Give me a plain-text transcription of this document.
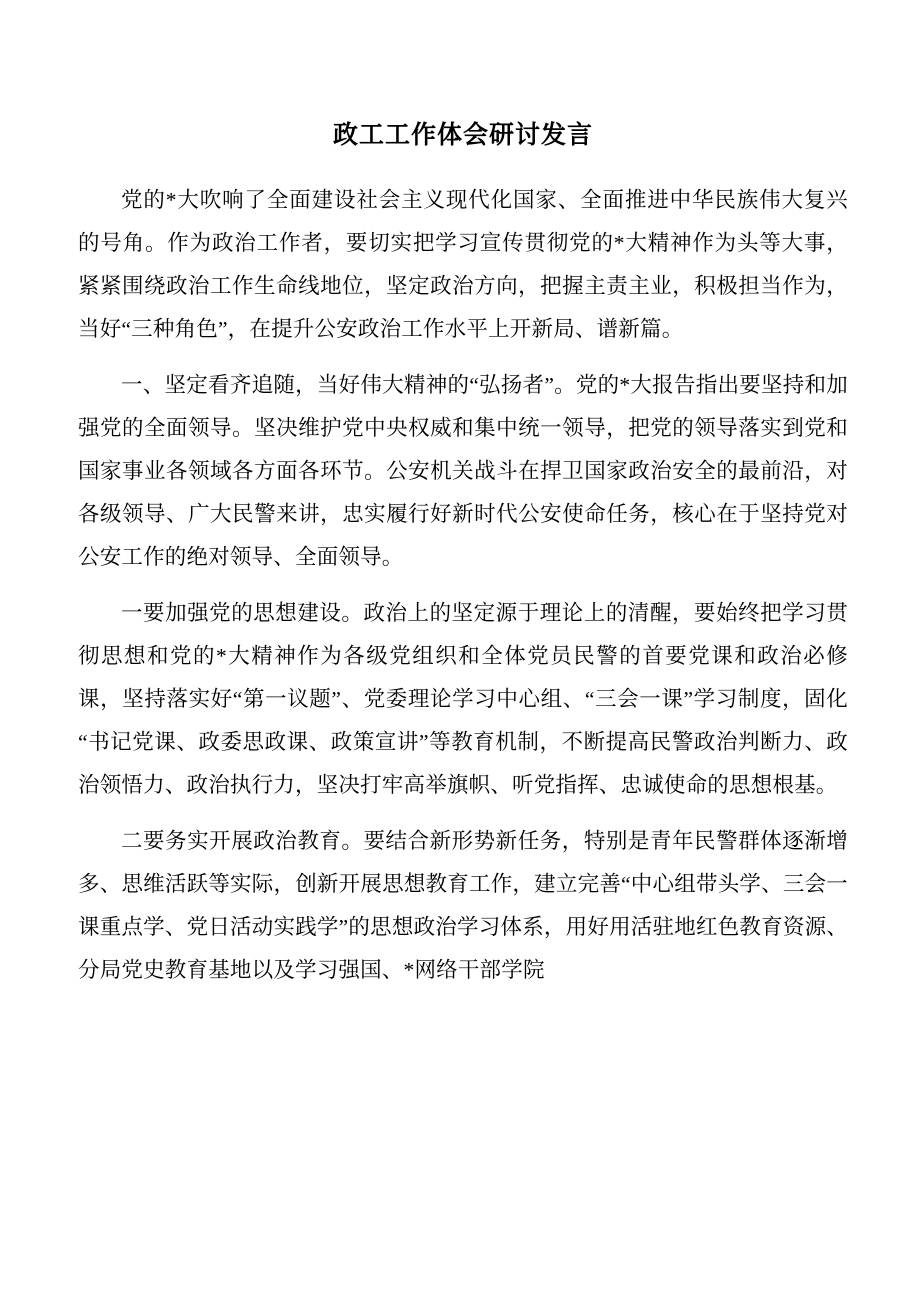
政工工作体会研讨发言

党的*大吹响了全面建设社会主义现代化国家、全面推进中华民族伟大复兴的号角。作为政治工作者，要切实把学习宣传贯彻党的*大精神作为头等大事，紧紧围绕政治工作生命线地位，坚定政治方向，把握主责主业，积极担当作为，当好“三种角色”，在提升公安政治工作水平上开新局、谱新篇。

一、坚定看齐追随，当好伟大精神的“弘扬者”。党的*大报告指出要坚持和加强党的全面领导。坚决维护党中央权威和集中统一领导，把党的领导落实到党和国家事业各领域各方面各环节。公安机关战斗在捍卫国家政治安全的最前沿，对各级领导、广大民警来讲，忠实履行好新时代公安使命任务，核心在于坚持党对公安工作的绝对领导、全面领导。

一要加强党的思想建设。政治上的坚定源于理论上的清醒，要始终把学习贯彻思想和党的*大精神作为各级党组织和全体党员民警的首要党课和政治必修课，坚持落实好“第一议题”、党委理论学习中心组、“三会一课”学习制度，固化“书记党课、政委思政课、政策宣讲”等教育机制，不断提高民警政治判断力、政治领悟力、政治执行力，坚决打牢高举旗帜、听党指挥、忠诚使命的思想根基。

二要务实开展政治教育。要结合新形势新任务，特别是青年民警群体逐渐增多、思维活跃等实际，创新开展思想教育工作，建立完善“中心组带头学、三会一课重点学、党日活动实践学”的思想政治学习体系，用好用活驻地红色教育资源、分局党史教育基地以及学习强国、*网络干部学院
